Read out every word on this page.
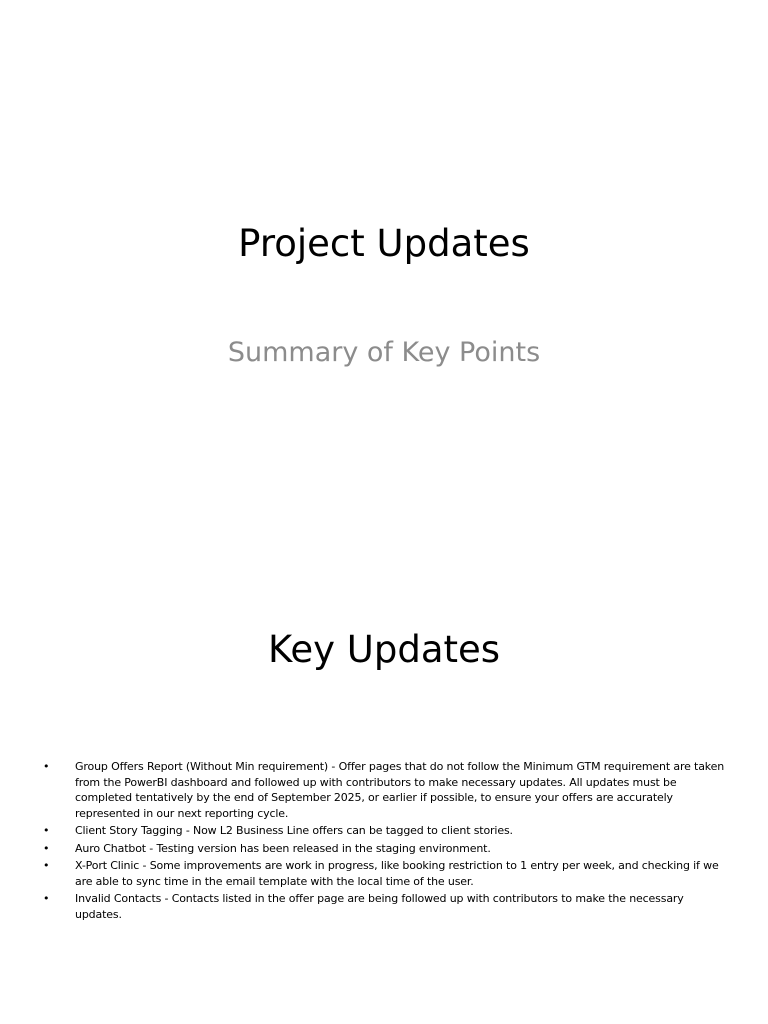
Project Updates

Summary of Key Points

Key Updates
•	Group Offers Report (Without Min requirement) - Offer pages that do not follow the Minimum GTM requirement are taken from the PowerBI dashboard and followed up with contributors to make necessary updates. All updates must be completed tentatively by the end of September 2025, or earlier if possible, to ensure your offers are accurately represented in our next reporting cycle.
•	Client Story Tagging - Now L2 Business Line offers can be tagged to client stories.
•	Auro Chatbot - Testing version has been released in the staging environment.
•	X-Port Clinic - Some improvements are work in progress, like booking restriction to 1 entry per week, and checking if we are able to sync time in the email template with the local time of the user.
•	Invalid Contacts - Contacts listed in the offer page are being followed up with contributors to make the necessary updates.
